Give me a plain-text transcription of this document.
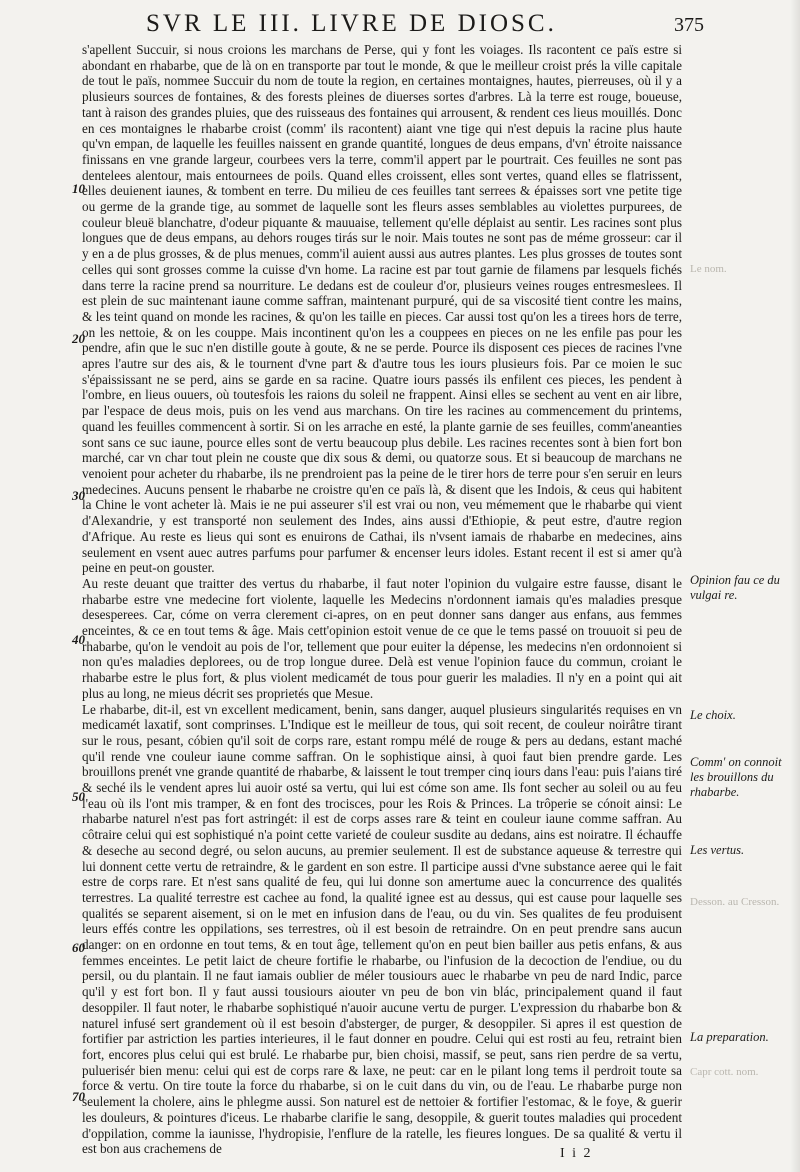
SVR LE III. LIVRE DE DIOSC.	375
10
20
30
40
50
60
70

s'apellent Succuir, si nous croions les marchans de Perse, qui y font les voiages. Ils racontent ce païs estre si abondant en rhabarbe, que de là on en transporte par tout le monde, & que le meilleur croist prés la ville capitale de tout le païs, nommee Succuir du nom de toute la region, en certaines montaignes, hautes, pierreuses, où il y a plusieurs sources de fontaines, & des forests pleines de diuerses sortes d'arbres. Là la terre est rouge, boueuse, tant à raison des grandes pluies, que des ruisseaus des fontaines qui arrousent, & rendent ces lieus mouillés. Donc en ces montaignes le rhabarbe croist (comm' ils racontent) aiant vne tige qui n'est depuis la racine plus haute qu'vn empan, de laquelle les feuilles naissent en grande quantité, longues de deus empans, d'vn' étroite naissance finissans en vne grande largeur, courbees vers la terre, comm'il appert par le pourtrait. Ces feuilles ne sont pas dentelees alentour, mais entournees de poils. Quand elles croissent, elles sont vertes, quand elles se flatrissent, elles deuienent iaunes, & tombent en terre. Du milieu de ces feuilles tant serrees & épaisses sort vne petite tige ou germe de la grande tige, au sommet de laquelle sont les fleurs asses semblables au violettes purpurees, de couleur bleuë blanchatre, d'odeur piquante & mauuaise, tellement qu'elle déplaist au sentir. Les racines sont plus longues que de deus empans, au dehors rouges tirás sur le noir. Mais toutes ne sont pas de méme grosseur: car il y en a de plus grosses, & de plus menues, comm'il auient aussi aus autres plantes. Les plus grosses de toutes sont celles qui sont grosses comme la cuisse d'vn home. La racine est par tout garnie de filamens par lesquels fichés dans terre la racine prend sa nourriture. Le dedans est de couleur d'or, plusieurs veines rouges entresmeslees. Il est plein de suc maintenant iaune comme saffran, maintenant purpuré, qui de sa viscosité tient contre les mains, & les teint quand on monde les racines, & qu'on les taille en pieces. Car aussi tost qu'on les a tirees hors de terre, on les nettoie, & on les couppe. Mais incontinent qu'on les a couppees en pieces on ne les enfile pas pour les pendre, afin que le suc n'en distille goute à goute, & ne se perde. Pource ils disposent ces pieces de racines l'vne apres l'autre sur des ais, & le tournent d'vne part & d'autre tous les iours plusieurs fois. Par ce moien le suc s'épaississant ne se perd, ains se garde en sa racine. Quatre iours passés ils enfilent ces pieces, les pendent à l'ombre, en lieus ouuers, où toutesfois les raions du soleil ne frappent. Ainsi elles se sechent au vent en air libre, par l'espace de deus mois, puis on les vend aus marchans. On tire les racines au commencement du printems, quand les feuilles commencent à sortir. Si on les arrache en esté, la plante garnie de ses feuilles, comm'aneanties sont sans ce suc iaune, pource elles sont de vertu beaucoup plus debile. Les racines recentes sont à bien fort bon marché, car vn char tout plein ne couste que dix sous & demi, ou quatorze sous. Et si beaucoup de marchans ne venoient pour acheter du rhabarbe, ils ne prendroient pas la peine de le tirer hors de terre pour s'en seruir en leurs medecines. Aucuns pensent le rhabarbe ne croistre qu'en ce païs là, & disent que les Indois, & ceus qui habitent la Chine le vont acheter là. Mais ie ne pui asseurer s'il est vrai ou non, veu mémement que le rhabarbe qui vient d'Alexandrie, y est transporté non seulement des Indes, ains aussi d'Ethiopie, & peut estre, d'autre region d'Afrique. Au reste es lieus qui sont es enuirons de Cathai, ils n'vsent iamais de rhabarbe en medecines, ains seulement en vsent auec autres parfums pour parfumer & encenser leurs idoles. Estant recent il est si amer qu'à peine en peut-on gouster.

Au reste deuant que traitter des vertus du rhabarbe, il faut noter l'opinion du vulgaire estre fausse, disant le rhabarbe estre vne medecine fort violente, laquelle les Medecins n'ordonnent iamais qu'es maladies presque desesperees. Car, cóme on verra clerement ci-apres, on en peut donner sans danger aus enfans, aus femmes enceintes, & ce en tout tems & âge. Mais cett'opinion estoit venue de ce que le tems passé on trouuoit si peu de rhabarbe, qu'on le vendoit au pois de l'or, tellement que pour euiter la dépense, les medecins n'en ordonnoient si non qu'es maladies deplorees, ou de trop longue duree. Delà est venue l'opinion fauce du commun, croiant le rhabarbe estre le plus fort, & plus violent medicamét de tous pour guerir les maladies. Il n'y en a point qui ait plus au long, ne mieus décrit ses proprietés que Mesue.

Le rhabarbe, dit-il, est vn excellent medicament, benin, sans danger, auquel plusieurs singularités requises en vn medicamét laxatif, sont comprinses. L'Indique est le meilleur de tous, qui soit recent, de couleur noirâtre tirant sur le rous, pesant, cóbien qu'il soit de corps rare, estant rompu mélé de rouge & pers au dedans, estant maché qu'il rende vne couleur iaune comme saffran. On le sophistique ainsi, à quoi faut bien prendre garde. Les brouillons prenét vne grande quantité de rhabarbe, & laissent le tout tremper cinq iours dans l'eau: puis l'aians tiré & seché ils le vendent apres lui auoir osté sa vertu, qui lui est cóme son ame. Ils font secher au soleil ou au feu l'eau où ils l'ont mis tramper, & en font des trocisces, pour les Rois & Princes. La trôperie se cónoit ainsi: Le rhabarbe naturel n'est pas fort astringét: il est de corps asses rare & teint en couleur iaune comme saffran. Au côtraire celui qui est sophistiqué n'a point cette varieté de couleur susdite au dedans, ains est noiratre. Il échauffe & deseche au second degré, ou selon aucuns, au premier seulement. Il est de substance aqueuse & terrestre qui lui donnent cette vertu de retraindre, & le gardent en son estre. Il participe aussi d'vne substance aeree qui le fait estre de corps rare. Et n'est sans qualité de feu, qui lui donne son amertume auec la concurrence des qualités terrestres. La qualité terrestre est cachee au fond, la qualité ignee est au dessus, qui est cause pour laquelle ses qualités se separent aisement, si on le met en infusion dans de l'eau, ou du vin. Ses qualites de feu produisent leurs effés contre les oppilations, ses terrestres, où il est besoin de retraindre. On en peut prendre sans aucun danger: on en ordonne en tout tems, & en tout âge, tellement qu'on en peut bien bailler aus petis enfans, & aus femmes enceintes. Le petit laict de cheure fortifie le rhabarbe, ou l'infusion de la decoction de l'endiue, ou du persil, ou du plantain. Il ne faut iamais oublier de méler tousiours auec le rhabarbe vn peu de nard Indic, parce qu'il y est fort bon. Il y faut aussi tousiours aiouter vn peu de bon vin blác, principalement quand il faut desoppiler. Il faut noter, le rhabarbe sophistiqué n'auoir aucune vertu de purger. L'expression du rhabarbe bon & naturel infusé sert grandement où il est besoin d'absterger, de purger, & desoppiler. Si apres il est question de fortifier par astriction les parties interieures, il le faut donner en poudre. Celui qui est rosti au feu, retraint bien fort, encores plus celui qui est brulé. Le rhabarbe pur, bien choisi, massif, se peut, sans rien perdre de sa vertu, puluerisér bien menu: celui qui est de corps rare & laxe, ne peut: car en le pilant long tems il perdroit toute sa force & vertu. On tire toute la force du rhabarbe, si on le cuit dans du vin, ou de l'eau. Le rhabarbe purge non seulement la cholere, ains le phlegme aussi. Son naturel est de nettoier & fortifier l'estomac, & le foye, & guerir les douleurs, & pointures d'iceus. Le rhabarbe clarifie le sang, desoppile, & guerit toutes maladies qui procedent d'oppilation, comme la iaunisse, l'hydropisie, l'enflure de la ratelle, les fieures longues. De sa qualité & vertu il est bon aus crachemens de

Le nom.
Opinion fau ce du vulgai re.
Le choix.
Comm' on connoit les brouillons du rhabarbe.
Les vertus.
Desson. au Cresson.
La preparation.
Capr cott. nom.
I i 2
